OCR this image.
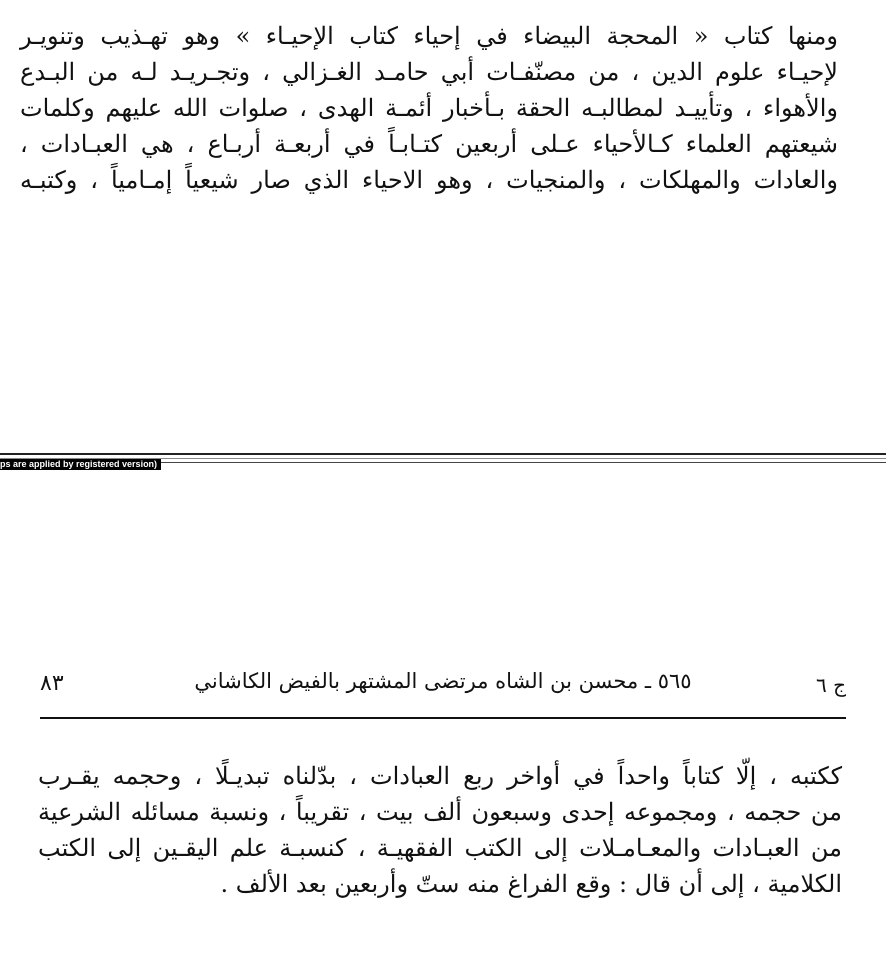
ومنها كتاب « المحجة البيضاء في إحياء كتاب الإحيـاء » وهو تهـذيب وتنويـر
لإحيـاء علوم الدين ، من مصنّفـات أبي حامـد الغـزالي ، وتجـريـد لـه من البـدع
والأهواء ، وتأييـد لمطالبـه الحقة بـأخبار أئمـة الهدى ، صلوات الله عليهم وكلمات
شيعتهم العلماء كـالأحياء عـلى أربعين كتـابـاً في أربعـة أربـاع ، هي العبـادات ،
والعادات والمهلكات ، والمنجيات ، وهو الاحياء الذي صار شيعياً إمـامياً ، وكتبـه
ps are applied by registered version)
ج ٦
٥٦٥ ـ محسن بن الشاه مرتضى المشتهر بالفيض الكاشاني
٨٣
ككتبه ، إلّا كتاباً واحداً في أواخر ربع العبادات ، بدّلناه تبديـلًا ، وحجمه يقـرب
من حجمه ، ومجموعه إحدى وسبعون ألف بيت ، تقريباً ، ونسبة مسائله الشرعية
من العبـادات والمعـامـلات إلى الكتب الفقهيـة ، كنسبـة علم اليقـين إلى الكتب
الكلامية ، إلى أن قال : وقع الفراغ منه ستّ وأربعين بعد الألف .
